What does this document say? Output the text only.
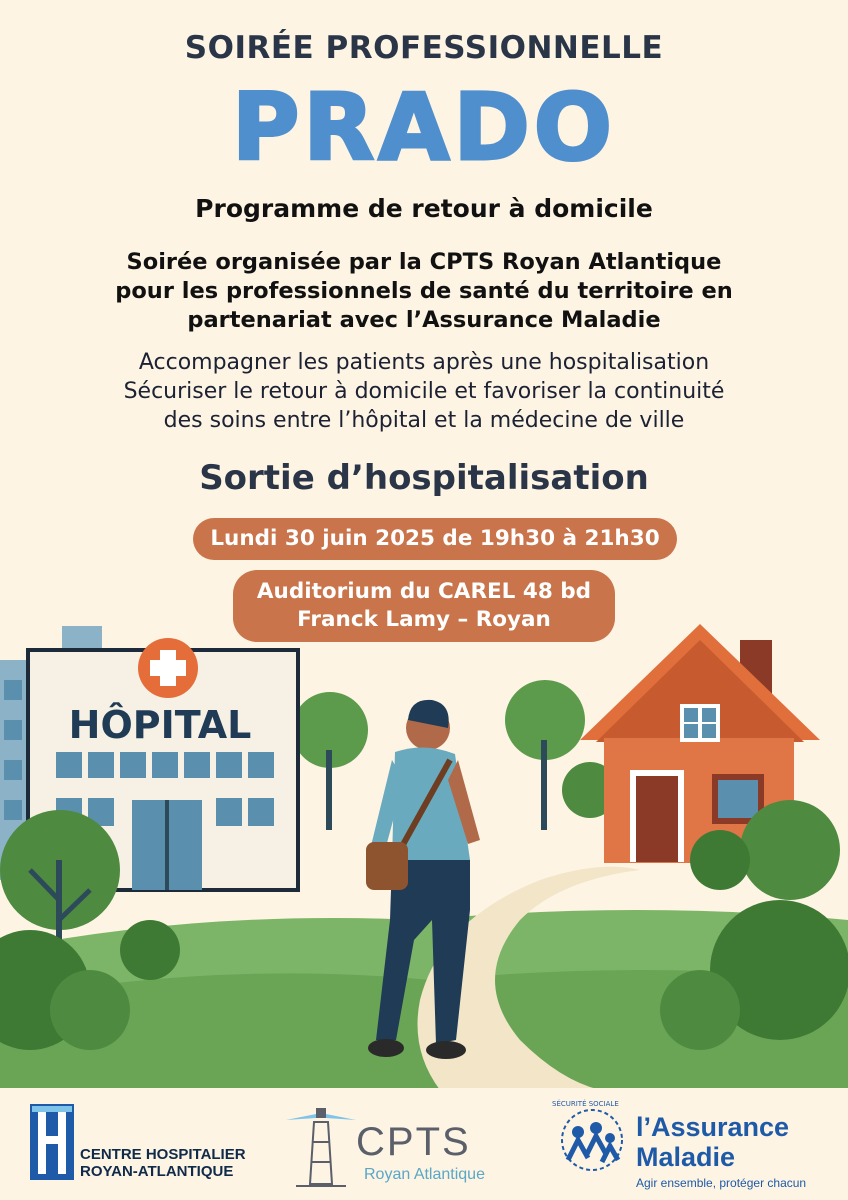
SOIRÉE PROFESSIONNELLE
PRADO
Programme de retour à domicile
Soirée organisée par la CPTS Royan Atlantique
pour les professionnels de santé du territoire en
partenariat avec l’Assurance Maladie
Accompagner les patients après une hospitalisation
Sécuriser le retour à domicile et favoriser la continuité
des soins entre l’hôpital et la médecine de ville
Sortie d’hospitalisation
HÔPITAL
Lundi 30 juin 2025 de 19h30 à 21h30
Auditorium du CAREL 48 bd
Franck Lamy – Royan
CENTRE HOSPITALIER
ROYAN-ATLANTIQUE
CPTS
Royan Atlantique
SÉCURITÉ SOCIALE
l’Assurance
Maladie
Agir ensemble, protéger chacun
